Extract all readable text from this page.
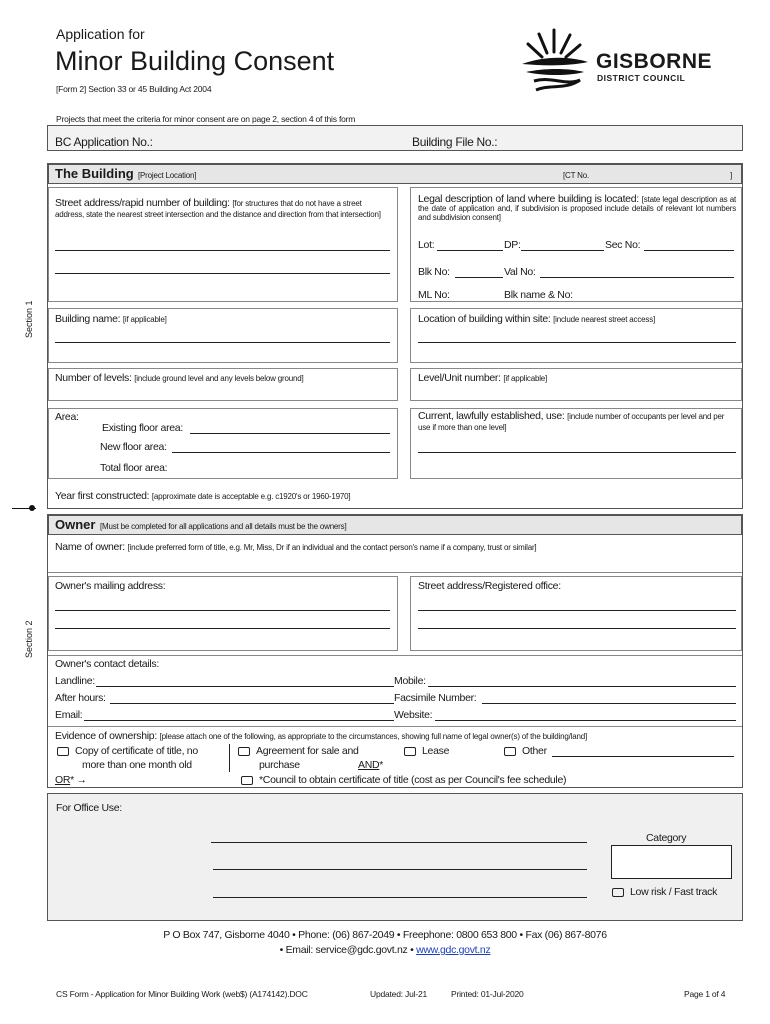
Application for
Minor Building Consent
[Form 2] Section 33 or 45 Building Act 2004
Projects that meet the criteria for minor consent are on page 2, section 4 of this form
GISBORNE
DISTRICT COUNCIL
BC Application No.:	Building File No.:
The Building [Project Location]	[CT No.	]
Section 1
Street address/rapid number of building: [for structures that do not have a street address, state the nearest street intersection and the distance and direction from that intersection]
Legal description of land where building is located: [state legal description as at the date of application and, if subdivision is proposed include details of relevant lot numbers and subdivision consent]
Lot:	DP:	Sec No:
Blk No:	Val No:
ML No:	Blk name & No:
Building name: [if applicable]	Location of building within site: [include nearest street access]
Number of levels: [include ground level and any levels below ground]	Level/Unit number: [if applicable]
Area:
Existing floor area:
New floor area:
Total floor area:
Current, lawfully established, use: [include number of occupants per level and per use if more than one level]
Year first constructed: [approximate date is acceptable e.g. c1920's or 1960-1970]
Owner [Must be completed for all applications and all details must be the owners]
Section 2
Name of owner: [include preferred form of title, e.g. Mr, Miss, Dr if an individual and the contact person's name if a company, trust or similar]
Owner's mailing address:	Street address/Registered office:
Owner's contact details:
Landline:	Mobile:
After hours:	Facsimile Number:
Email:	Website:
Evidence of ownership: [please attach one of the following, as appropriate to the circumstances, showing full name of legal owner(s) of the building/land]
Copy of certificate of title, no
more than one month old
Agreement for sale and
purchase	AND*
Lease	Other
OR* →	*Council to obtain certificate of title (cost as per Council's fee schedule)
For Office Use:
Category
Low risk / Fast track
P O Box 747, Gisborne 4040 • Phone: (06) 867-2049 • Freephone: 0800 653 800 • Fax (06) 867-8076
• Email: service@gdc.govt.nz • www.gdc.govt.nz
CS Form - Application for Minor Building Work (web$) (A174142).DOC	Updated: Jul-21	Printed: 01-Jul-2020	Page 1 of 4
